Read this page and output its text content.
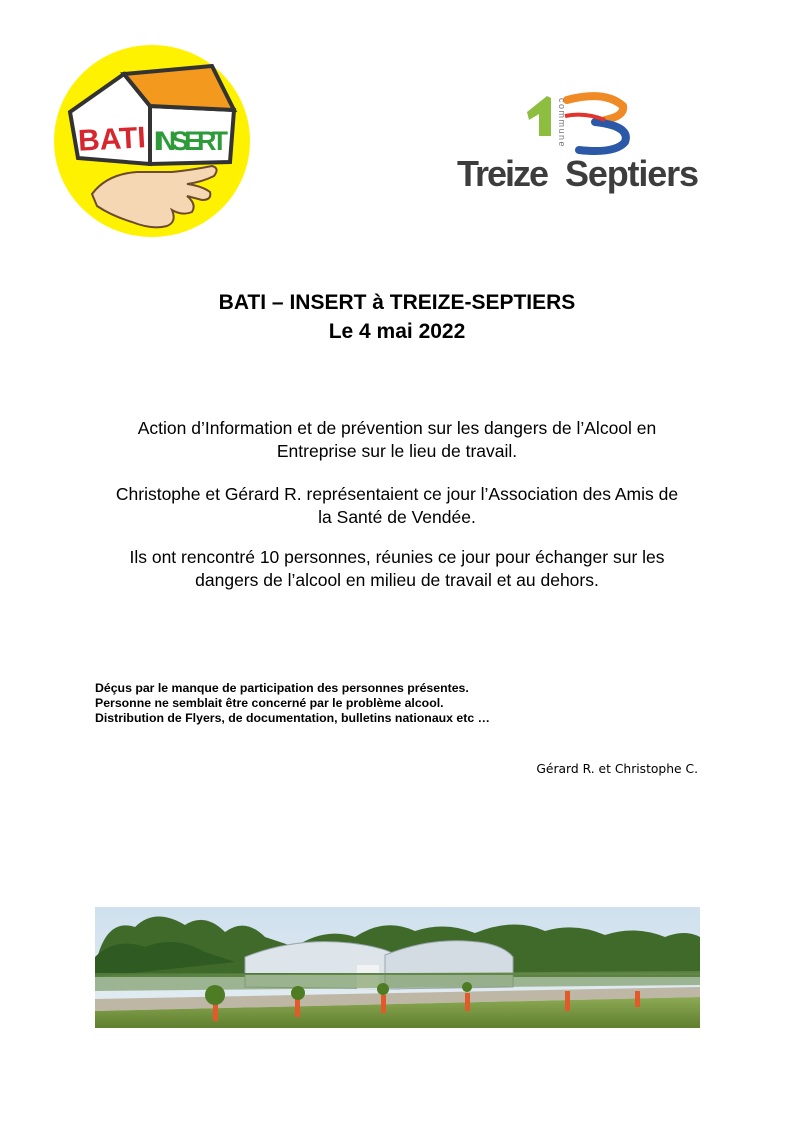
BATI INSERT	commune
Treize Septiers
BATI – INSERT à TREIZE-SEPTIERS
Le 4 mai 2022
Action d’Information et de prévention sur les dangers de l’Alcool en
Entreprise sur le lieu de travail.
Christophe et Gérard R. représentaient ce jour l’Association des Amis de
la Santé de Vendée.
Ils ont rencontré 10 personnes, réunies ce jour pour échanger sur les
dangers de l’alcool en milieu de travail et au dehors.
Déçus par le manque de participation des personnes présentes.
Personne ne semblait être concerné par le problème alcool.
Distribution de Flyers, de documentation, bulletins nationaux etc …
Gérard R. et Christophe C.
